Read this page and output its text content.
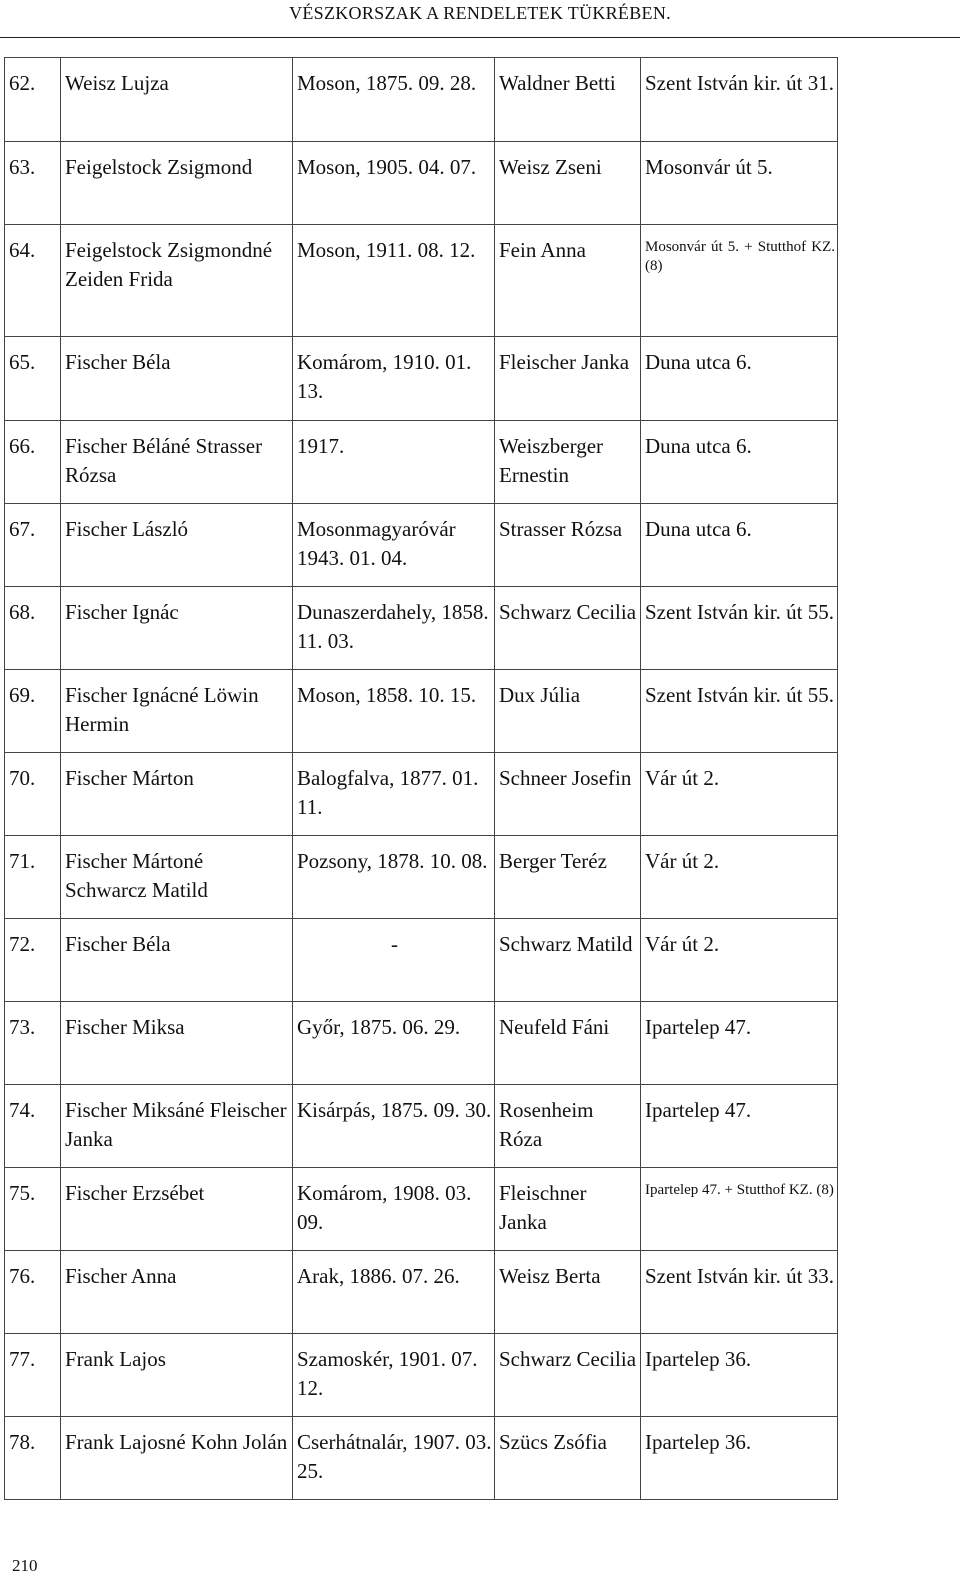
VÉSZKORSZAK A RENDELETEK TÜKRÉBEN.
62.	Weisz Lujza	Moson, 1875. 09. 28.	Waldner Betti	Szent István kir. út 31.
63.	Feigelstock Zsigmond	Moson, 1905. 04. 07.	Weisz Zseni	Mosonvár út 5.
64.	Feigelstock Zsigmondné Zeiden Frida	Moson, 1911. 08. 12.	Fein Anna	Mosonvár út 5. + Stutthof KZ. (8)
65.	Fischer Béla	Komárom, 1910. 01. 13.	Fleischer Janka	Duna utca 6.
66.	Fischer Béláné Strasser Rózsa	1917.	Weiszberger Ernestin	Duna utca 6.
67.	Fischer László	Mosonmagyaróvár 1943. 01. 04.	Strasser Rózsa	Duna utca 6.
68.	Fischer Ignác	Dunaszerdahely, 1858. 11. 03.	Schwarz Cecilia	Szent István kir. út 55.
69.	Fischer Ignácné Löwin Hermin	Moson, 1858. 10. 15.	Dux Júlia	Szent István kir. út 55.
70.	Fischer Márton	Balogfalva, 1877. 01. 11.	Schneer Josefin	Vár út 2.
71.	Fischer Mártoné Schwarcz Matild	Pozsony, 1878. 10. 08.	Berger Teréz	Vár út 2.
72.	Fischer Béla	-	Schwarz Matild	Vár út 2.
73.	Fischer Miksa	Győr, 1875. 06. 29.	Neufeld Fáni	Ipartelep 47.
74.	Fischer Miksáné Fleischer Janka	Kisárpás, 1875. 09. 30.	Rosenheim Róza	Ipartelep 47.
75.	Fischer Erzsébet	Komárom, 1908. 03. 09.	Fleischner Janka	Ipartelep 47. + Stutthof KZ. (8)
76.	Fischer Anna	Arak, 1886. 07. 26.	Weisz Berta	Szent István kir. út 33.
77.	Frank Lajos	Szamoskér, 1901. 07. 12.	Schwarz Cecilia	Ipartelep 36.
78.	Frank Lajosné Kohn Jolán	Cserhátnalár, 1907. 03. 25.	Szücs Zsófia	Ipartelep 36.
210
